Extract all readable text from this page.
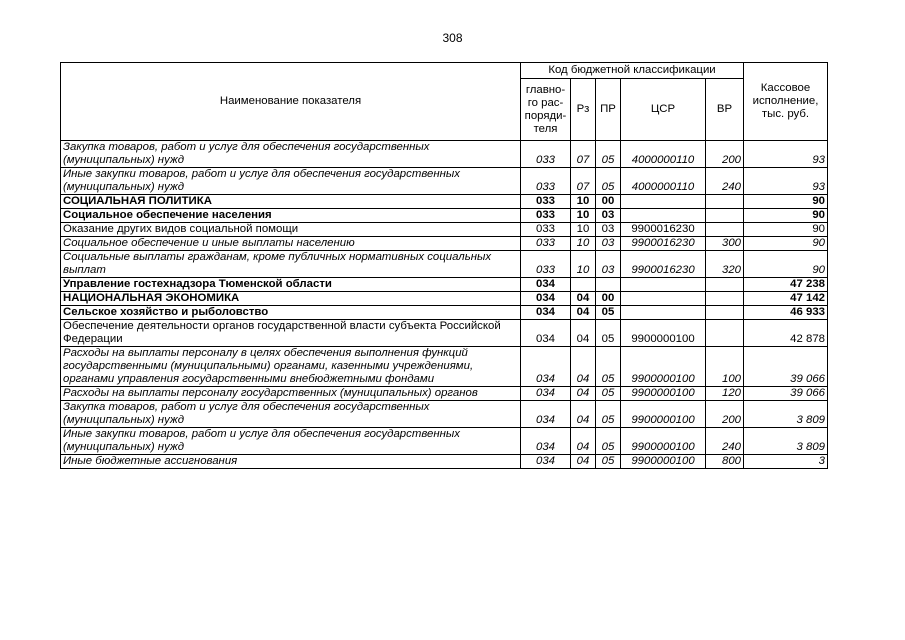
308
Наименование показателя	Код бюджетной классификации					Кассовое исполнение, тыс. руб.
	главно-го рас-поряди-теля	Рз	ПР	ЦСР	ВР	
Закупка товаров, работ и услуг для обеспечения государственных (муниципальных) нужд	033	07	05	4000000110	200	93
Иные закупки товаров, работ и услуг для обеспечения государственных (муниципальных) нужд	033	07	05	4000000110	240	93
СОЦИАЛЬНАЯ ПОЛИТИКА	033	10	00			90
Социальное обеспечение населения	033	10	03			90
Оказание других видов социальной помощи	033	10	03	9900016230		90
Социальное обеспечение и иные выплаты населению	033	10	03	9900016230	300	90
Социальные выплаты гражданам, кроме публичных нормативных социальных выплат	033	10	03	9900016230	320	90
Управление гостехнадзора Тюменской области	034					47 238
НАЦИОНАЛЬНАЯ ЭКОНОМИКА	034	04	00			47 142
Сельское хозяйство и рыболовство	034	04	05			46 933
Обеспечение деятельности органов государственной власти субъекта Российской Федерации	034	04	05	9900000100		42 878
Расходы на выплаты персоналу в целях обеспечения выполнения функций государственными (муниципальными) органами, казенными учреждениями, органами управления государственными внебюджетными фондами	034	04	05	9900000100	100	39 066
Расходы на выплаты персоналу государственных (муниципальных) органов	034	04	05	9900000100	120	39 066
Закупка товаров, работ и услуг для обеспечения государственных (муниципальных) нужд	034	04	05	9900000100	200	3 809
Иные закупки товаров, работ и услуг для обеспечения государственных (муниципальных) нужд	034	04	05	9900000100	240	3 809
Иные бюджетные ассигнования	034	04	05	9900000100	800	3
